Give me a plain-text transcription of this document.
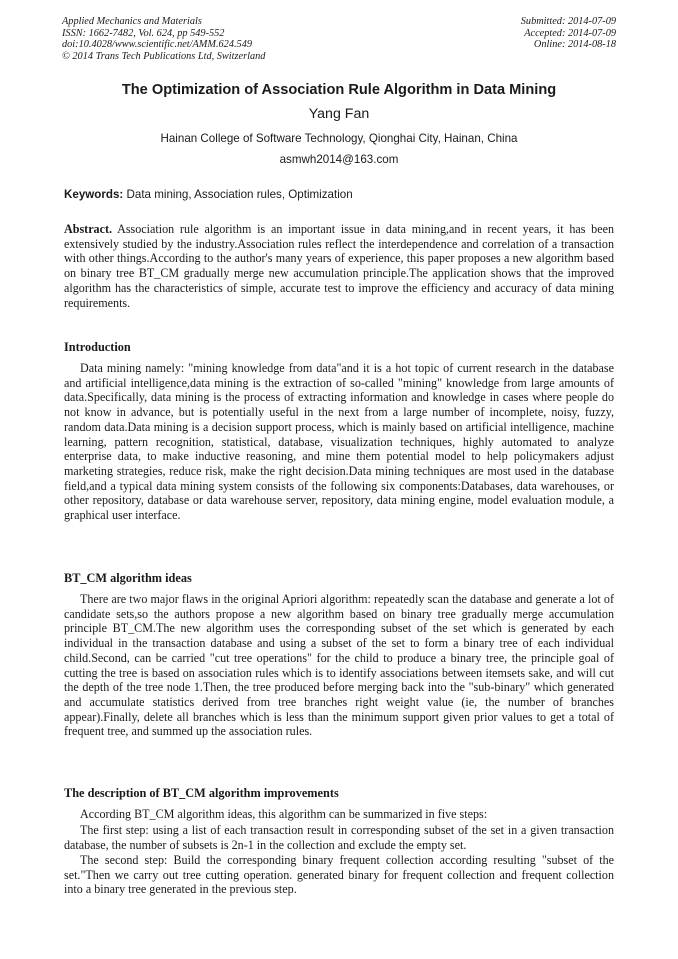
Applied Mechanics and Materials
ISSN: 1662-7482, Vol. 624, pp 549-552
doi:10.4028/www.scientific.net/AMM.624.549
© 2014 Trans Tech Publications Ltd, Switzerland
Submitted: 2014-07-09
Accepted: 2014-07-09
Online: 2014-08-18
The Optimization of Association Rule Algorithm in Data Mining
Yang Fan
Hainan College of Software Technology, Qionghai City, Hainan, China
asmwh2014@163.com
Keywords: Data mining, Association rules, Optimization
Abstract. Association rule algorithm is an important issue in data mining,and in recent years, it has been extensively studied by the industry.Association rules reflect the interdependence and correlation of a transaction with other things.According to the author's many years of experience, this paper proposes a new algorithm based on binary tree BT_CM gradually merge new accumulation principle.The application shows that the improved algorithm has the characteristics of simple, accurate test to improve the efficiency and accuracy of data mining requirements.
Introduction
Data mining namely: "mining knowledge from data"and it is a hot topic of current research in the database and artificial intelligence,data mining is the extraction of so-called "mining" knowledge from large amounts of data.Specifically, data mining is the process of extracting information and knowledge in cases where people do not know in advance, but is potentially useful in the next from a large number of incomplete, noisy, fuzzy, random data.Data mining is a decision support process, which is mainly based on artificial intelligence, machine learning, pattern recognition, statistical, database, visualization techniques, highly automated to analyze enterprise data, to make inductive reasoning, and mine them potential model to help policymakers adjust marketing strategies, reduce risk, make the right decision.Data mining techniques are most used in the database field,and a typical data mining system consists of the following six components:Databases, data warehouses, or other repository, database or data warehouse server, repository, data mining engine, model evaluation module, a graphical user interface.
BT_CM algorithm ideas
There are two major flaws in the original Apriori algorithm: repeatedly scan the database and generate a lot of candidate sets,so the authors propose a new algorithm based on binary tree gradually merge accumulation principle BT_CM.The new algorithm uses the corresponding subset of the set which is generated by each individual in the transaction database and using a subset of the set to form a binary tree of each individual child.Second, can be carried "cut tree operations" for the child to produce a binary tree, the principle goal of cutting the tree is based on association rules which is to identify associations between itemsets sake, and will cut the depth of the tree node 1.Then, the tree produced before merging back into the "sub-binary" which generated and accumulate statistics derived from tree branches right weight value (ie, the number of branches appear).Finally, delete all branches which is less than the minimum support given prior values to get a total of frequent tree, and summed up the association rules.
The description of BT_CM algorithm improvements
According BT_CM algorithm ideas, this algorithm can be summarized in five steps:
The first step: using a list of each transaction result in corresponding subset of the set in a given transaction database, the number of subsets is 2n-1 in the collection and exclude the empty set.
The second step: Build the corresponding binary frequent collection according resulting "subset of the set."Then we carry out tree cutting operation. generated binary for frequent collection and frequent collection into a binary tree generated in the previous step.
